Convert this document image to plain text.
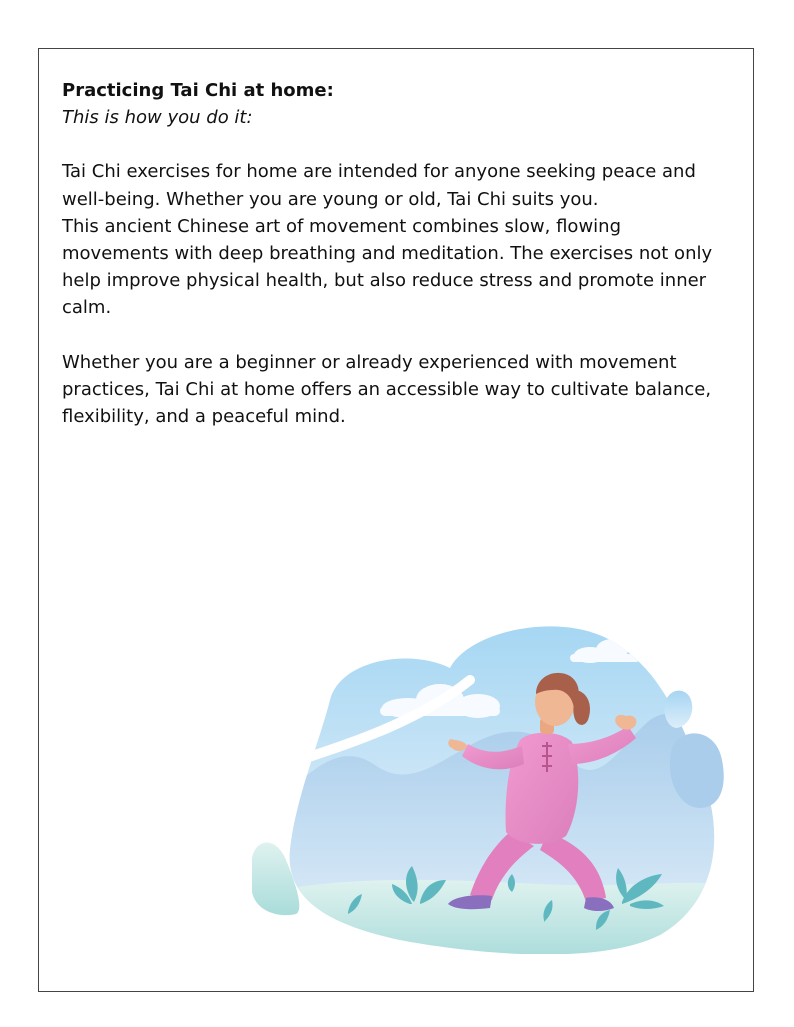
Practicing Tai Chi at home:

This is how you do it:

Tai Chi exercises for home are intended for anyone seeking peace and
well-being. Whether you are young or old, Tai Chi suits you.
This ancient Chinese art of movement combines slow, flowing
movements with deep breathing and meditation. The exercises not only
help improve physical health, but also reduce stress and promote inner
calm.

Whether you are a beginner or already experienced with movement
practices, Tai Chi at home offers an accessible way to cultivate balance,
flexibility, and a peaceful mind.
